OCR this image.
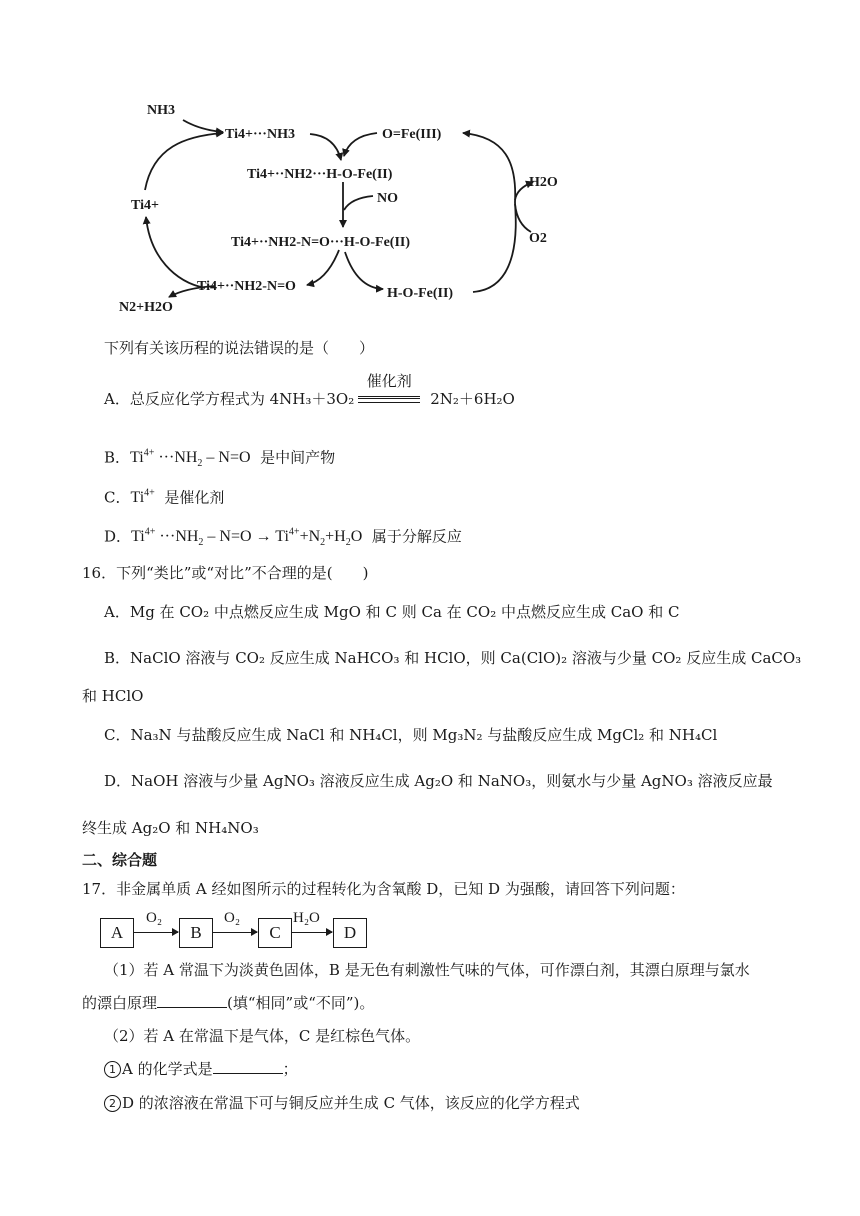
NH3
Ti4+···NH3
Ti4+
Ti4+··NH2···H-O-Fe(II)
O=Fe(III)
NO
H2O
O2
Ti4+··NH2-N=O···H-O-Fe(II)
Ti4+··NH2-N=O	H-O-Fe(II)
N2+H2O
下列有关该历程的说法错误的是（　　）
A．总反应化学方程式为 4NH₃＋3O₂
催化剂
2N₂＋6H₂O
B．$Ti^{4+} \cdot\cdot\cdot NH_2 - N=O$ 是中间产物
C．$Ti^{4+}$ 是催化剂
D．$Ti^{4+} \cdot\cdot\cdot NH_2 - N=O \to Ti^{4+}+N_2+H_2O$ 属于分解反应
16．下列“类比”或“对比”不合理的是(　　)
A．Mg 在 CO₂ 中点燃反应生成 MgO 和 C 则 Ca 在 CO₂ 中点燃反应生成 CaO 和 C
B．NaClO 溶液与 CO₂ 反应生成 NaHCO₃ 和 HClO，则 Ca(ClO)₂ 溶液与少量 CO₂ 反应生成 CaCO₃
和 HClO
C．Na₃N 与盐酸反应生成 NaCl 和 NH₄Cl，则 Mg₃N₂ 与盐酸反应生成 MgCl₂ 和 NH₄Cl
D．NaOH 溶液与少量 AgNO₃ 溶液反应生成 Ag₂O 和 NaNO₃，则氨水与少量 AgNO₃ 溶液反应最
终生成 Ag₂O 和 NH₄NO₃
二、综合题
17．非金属单质 A 经如图所示的过程转化为含氧酸 D，已知 D 为强酸，请回答下列问题：
A
O₂
B
O₂
C
H₂O
D
（1）若 A 常温下为淡黄色固体，B 是无色有刺激性气味的气体，可作漂白剂，其漂白原理与氯水
的漂白原理	(填“相同”或“不同”)。
（2）若 A 在常温下是气体，C 是红棕色气体。
1 A 的化学式是	；
2 D 的浓溶液在常温下可与铜反应并生成 C 气体，该反应的化学方程式
